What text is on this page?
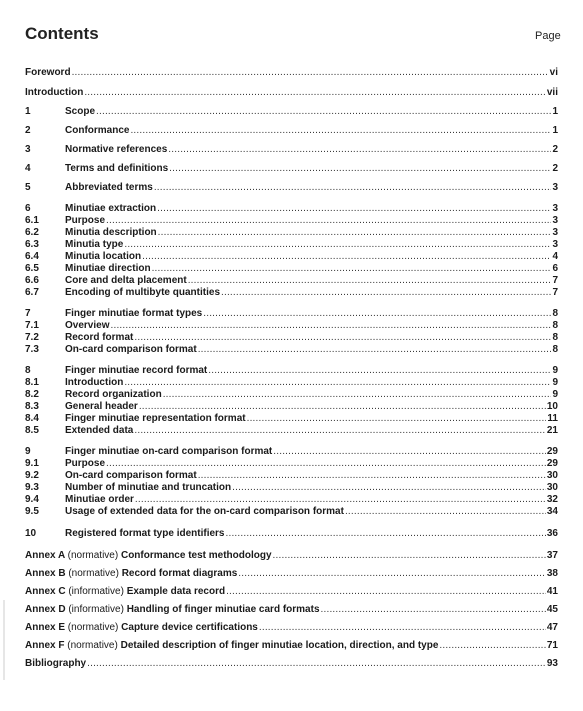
Contents	Page
Foreword .....	vi
Introduction .....	vii
1	Scope .....	1
2	Conformance .....	1
3	Normative references .....	2
4	Terms and definitions .....	2
5	Abbreviated terms .....	3
6	Minutiae extraction .....	3
6.1	Purpose .....	3
6.2	Minutia description .....	3
6.3	Minutia type .....	3
6.4	Minutia location .....	4
6.5	Minutiae direction .....	6
6.6	Core and delta placement .....	7
6.7	Encoding of multibyte quantities .....	7
7	Finger minutiae format types .....	8
7.1	Overview .....	8
7.2	Record format .....	8
7.3	On-card comparison format .....	8
8	Finger minutiae record format .....	9
8.1	Introduction .....	9
8.2	Record organization .....	9
8.3	General header .....	10
8.4	Finger minutiae representation format .....	11
8.5	Extended data .....	21
9	Finger minutiae on-card comparison format .....	29
9.1	Purpose .....	29
9.2	On-card comparison format .....	30
9.3	Number of minutiae and truncation .....	30
9.4	Minutiae order .....	32
9.5	Usage of extended data for the on-card comparison format .....	34
10	Registered format type identifiers .....	36
Annex A (normative) Conformance test methodology .....	37
Annex B (normative) Record format diagrams .....	38
Annex C (informative) Example data record .....	41
Annex D (informative) Handling of finger minutiae card formats .....	45
Annex E (normative) Capture device certifications .....	47
Annex F (normative) Detailed description of finger minutiae location, direction, and type .....	71
Bibliography .....	93
